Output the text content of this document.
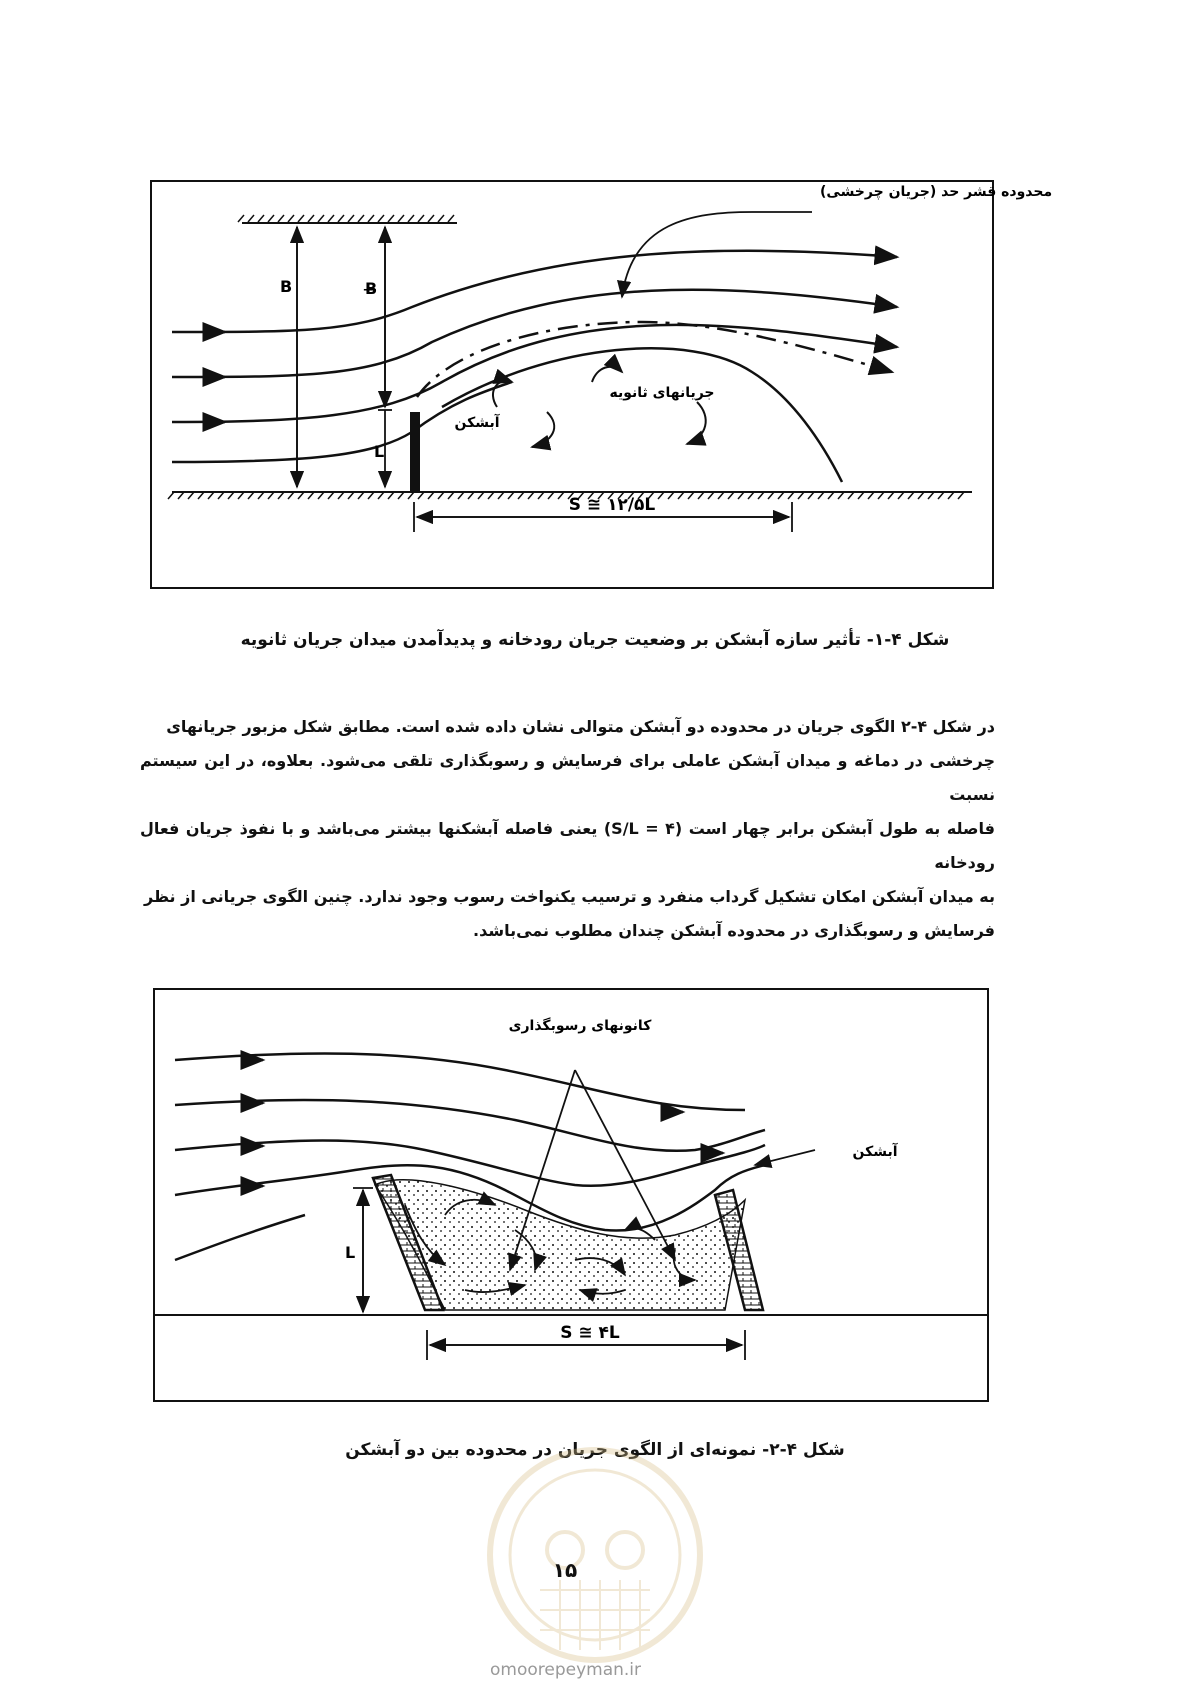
محدوده قشر حد (جریان چرخشی)
B	B̶
L
جریانهای ثانویه
آبشکن
S ≅ ۱۲/۵L
شکل ۴-۱- تأثیر سازه آبشکن بر وضعیت جریان رودخانه و پدیدآمدن میدان جریان ثانویه
در شکل ۴-۲ الگوی جریان در محدوده دو آبشکن متوالی نشان داده شده است. مطابق شکل مزبور جریانهای
چرخشی در دماغه و میدان آبشکن عاملی برای فرسایش و رسوبگذاری تلقی می‌شود. بعلاوه، در این سیستم نسبت
فاصله به طول آبشکن برابر چهار است (۴ = S/L) یعنی فاصله آبشکنها بیشتر می‌باشد و با نفوذ جریان فعال رودخانه
به میدان آبشکن امکان تشکیل گرداب منفرد و ترسیب یکنواخت رسوب وجود ندارد. چنین الگوی جریانی از نظر
فرسایش و رسوبگذاری در محدوده آبشکن چندان مطلوب نمی‌باشد.
کانونهای رسوبگذاری
آبشکن
L
S ≅ ۴L
شکل ۴-۲- نمونه‌ای از الگوی جریان در محدوده بین دو آبشکن
۱۵
omoorepeyman.ir
